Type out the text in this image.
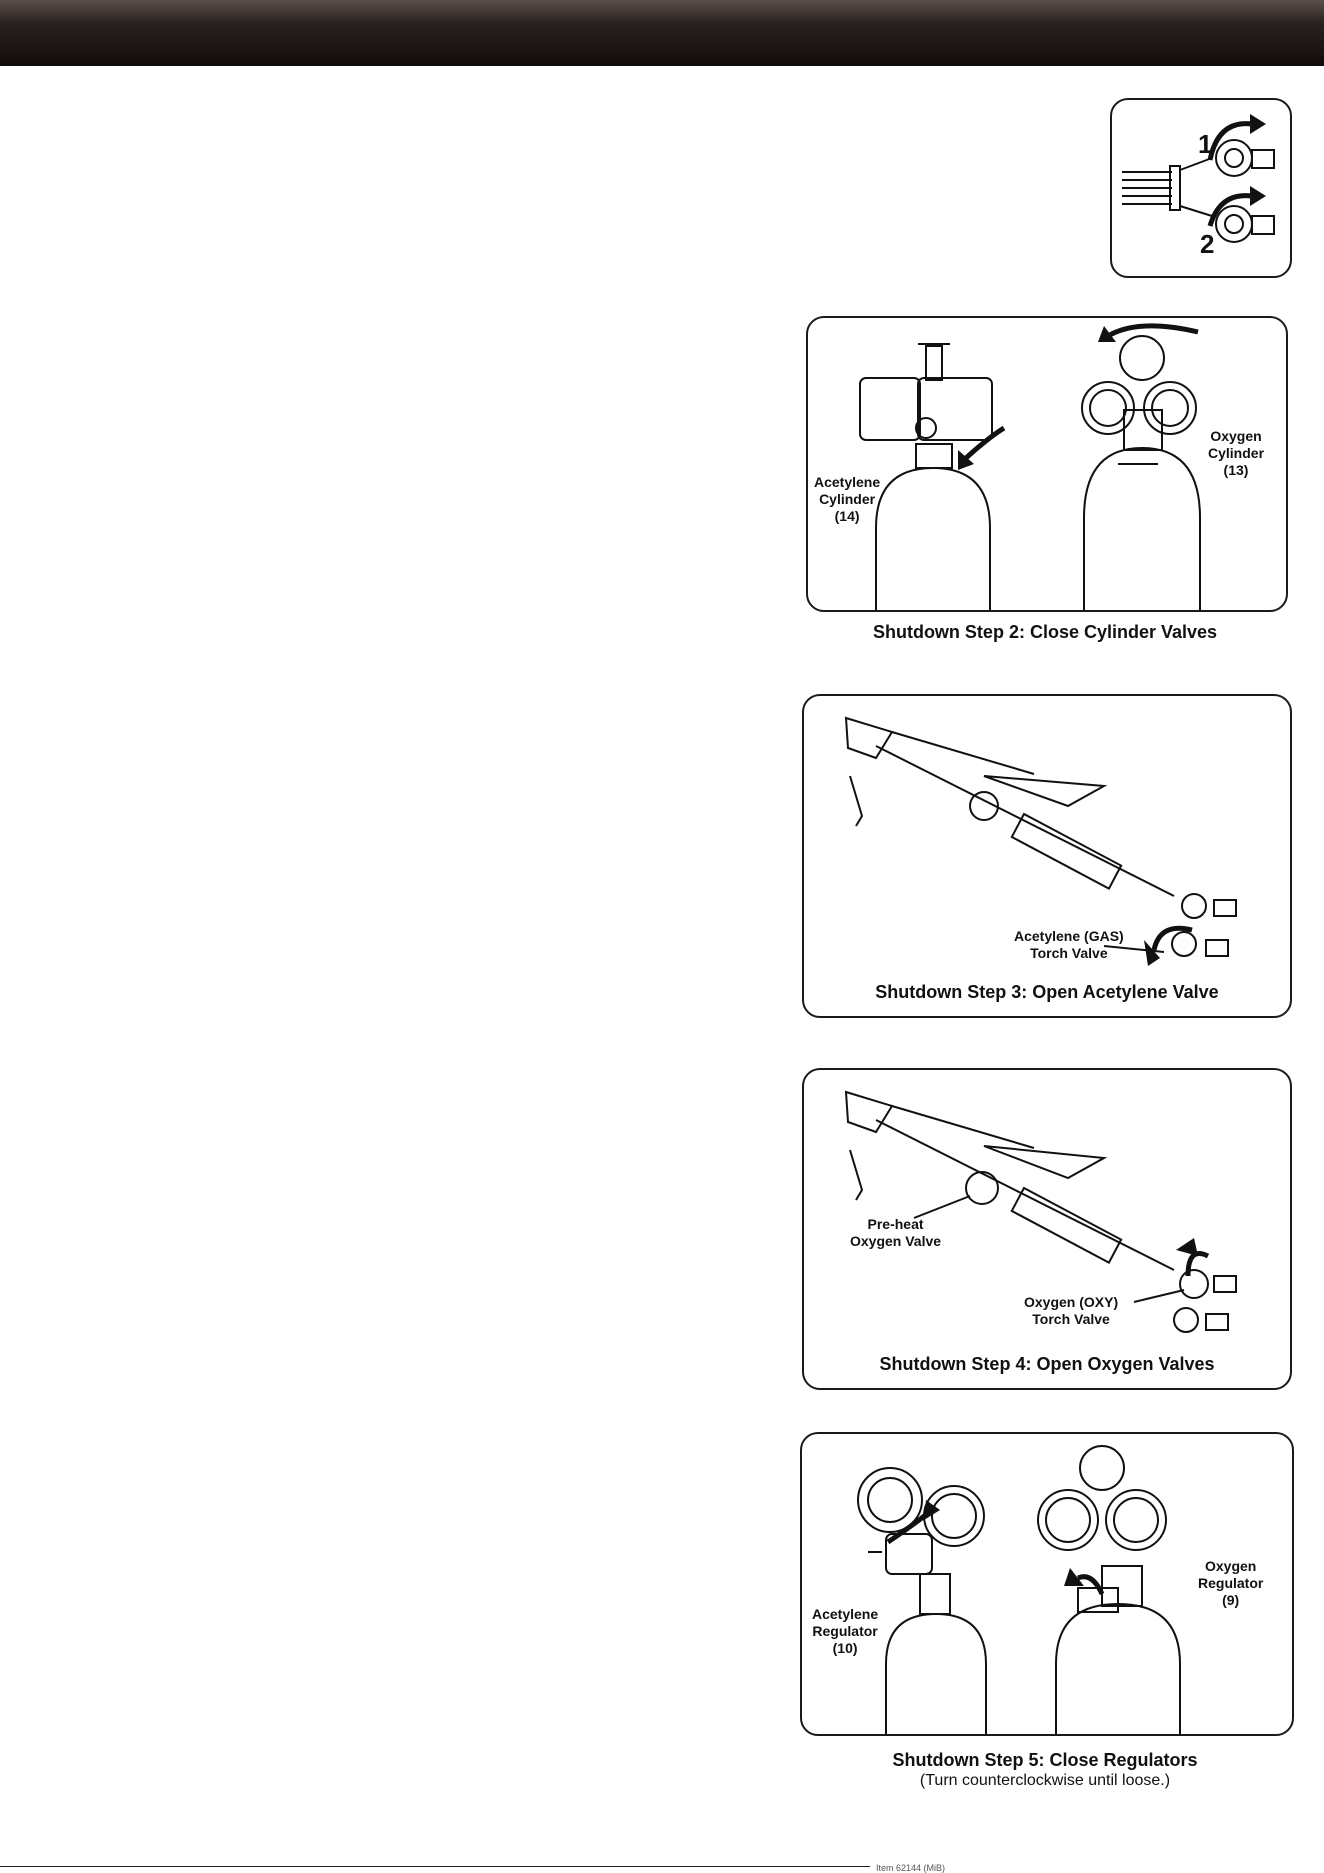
1
2
Acetylene
Cylinder
(14)
Oxygen
Cylinder
(13)
Shutdown Step 2: Close Cylinder Valves
Acetylene (GAS)
Torch Valve
Shutdown Step 3: Open Acetylene Valve
Pre-heat
Oxygen Valve
Oxygen (OXY)
Torch Valve
Shutdown Step 4: Open Oxygen Valves
Acetylene
Regulator
(10)
Oxygen
Regulator
(9)
Shutdown Step 5: Close Regulators
(Turn counterclockwise until loose.)
Item 62144 (MiB)
